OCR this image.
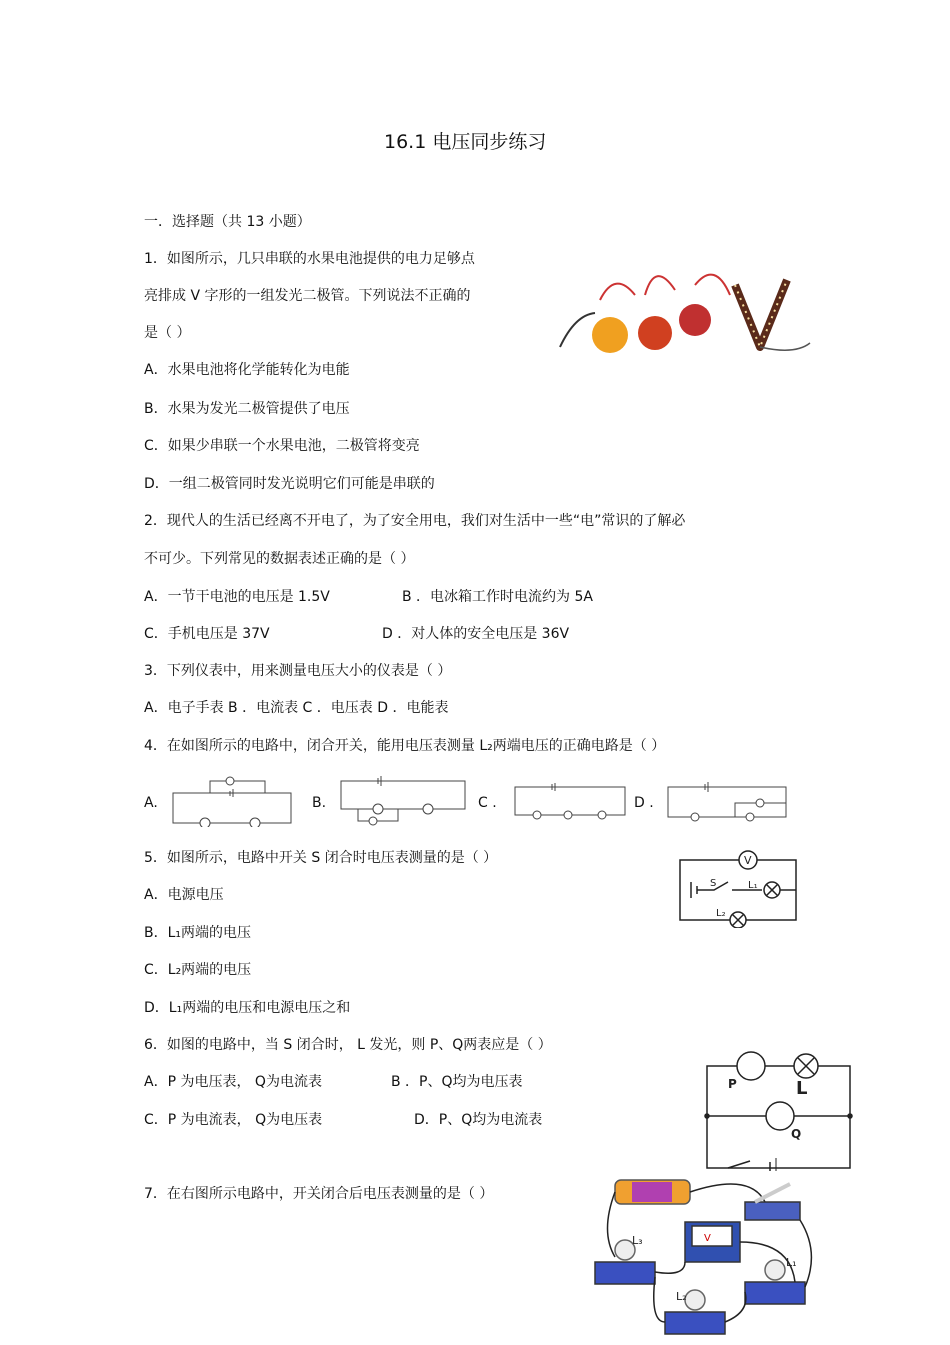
16.1 电压同步练习
一．选择题（共 13 小题）
1．如图所示，几只串联的水果电池提供的电力足够点
亮排成 V 字形的一组发光二极管。下列说法不正确的
是（ ）
A．水果电池将化学能转化为电能
B．水果为发光二极管提供了电压
C．如果少串联一个水果电池，二极管将变亮
D．一组二极管同时发光说明它们可能是串联的
2．现代人的生活已经离不开电了，为了安全用电，我们对生活中一些“电”常识的了解必
不可少。下列常见的数据表述正确的是（ ）
A．一节干电池的电压是 1.5V	B ．电冰箱工作时电流约为 5A
C．手机电压是 37V	D ．对人体的安全电压是 36V
3．下列仪表中，用来测量电压大小的仪表是（ ）
A．电子手表 B ．电流表 C ．电压表 D ．电能表
4．在如图所示的电路中，闭合开关，能用电压表测量 L₂两端电压的正确电路是（ ）
A.	B.	C .	D .
5．如图所示，电路中开关 S 闭合时电压表测量的是（ ）
A．电源电压
B．L₁两端的电压
C．L₂两端的电压
D．L₁两端的电压和电源电压之和
V
S	L₁
L₂
6．如图的电路中，当 S 闭合时， L 发光，则 P、Q两表应是（ ）
A．P 为电压表， Q为电流表	B ．P、Q均为电压表
C．P 为电流表， Q为电压表	D．P、Q均为电流表
P	L
Q
7．在右图所示电路中，开关闭合后电压表测量的是（ ）
V
L₃
L₁
L₂
